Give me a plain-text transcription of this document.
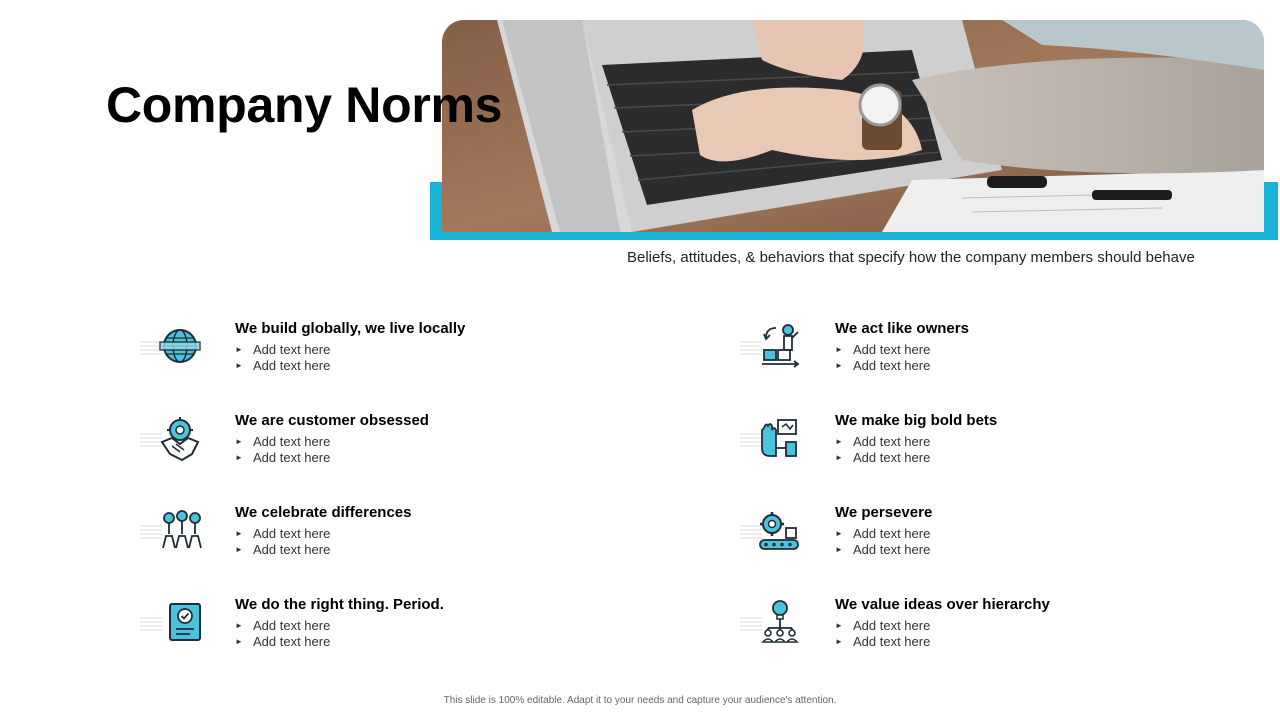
Company Norms
Beliefs, attitudes, & behaviors that specify how the company members should behave
We build globally, we live locally
► Add text here
► Add text here
We are customer obsessed
► Add text here
► Add text here
We celebrate differences
► Add text here
► Add text here
We do the right thing. Period.
► Add text here
► Add text here
We act like owners
► Add text here
► Add text here
We make big bold bets
► Add text here
► Add text here
We persevere
► Add text here
► Add text here
We value ideas over hierarchy
► Add text here
► Add text here
This slide is 100% editable. Adapt it to your needs and capture your audience's attention.
